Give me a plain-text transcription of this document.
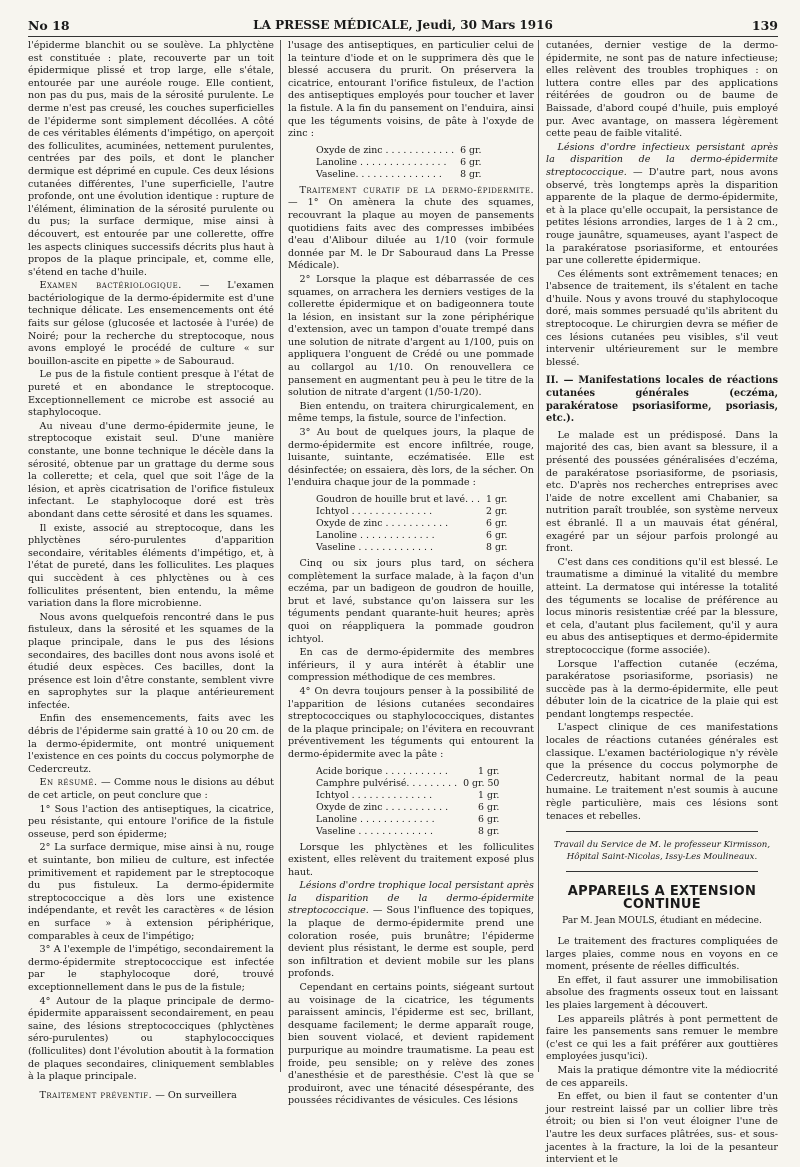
No 18	LA PRESSE MÉDICALE, Jeudi, 30 Mars 1916	139

l'épiderme blanchit ou se soulève. La phlyctène est constituée : plate, recouverte par un toit épidermique plissé et trop large, elle s'étale, entourée par une auréole rouge. Elle contient, non pas du pus, mais de la sérosité purulente. Le derme n'est pas creusé, les couches superficielles de l'épiderme sont simplement décollées. A côté de ces véritables éléments d'impétigo, on aperçoit des folliculites, acuminées, nettement purulentes, centrées par des poils, et dont le plancher dermique est déprimé en cupule. Ces deux lésions cutanées différentes, l'une superficielle, l'autre profonde, ont une évolution identique : rupture de l'élément, élimination de la sérosité purulente ou du pus; la surface dermique, mise ainsi à découvert, est entourée par une collerette, offre les aspects cliniques successifs décrits plus haut à propos de la plaque principale, et, comme elle, s'étend en tache d'huile.

Examen bactériologique. — L'examen bactériologique de la dermo-épidermite est d'une technique délicate. Les ensemencements ont été faits sur gélose (glucosée et lactosée à l'urée) de Noiré; pour la recherche du streptocoque, nous avons employé le procédé de culture « sur bouillon-ascite en pipette » de Sabouraud.

Le pus de la fistule contient presque à l'état de pureté et en abondance le streptocoque. Exceptionnellement ce microbe est associé au staphylocoque.

Au niveau d'une dermo-épidermite jeune, le streptocoque existait seul. D'une manière constante, une bonne technique le décèle dans la sérosité, obtenue par un grattage du derme sous la collerette; et cela, quel que soit l'âge de la lésion, et après cicatrisation de l'orifice fistuleux infectant. Le staphylocoque doré est très abondant dans cette sérosité et dans les squames.

Il existe, associé au streptocoque, dans les phlyctènes séro-purulentes d'apparition secondaire, véritables éléments d'impétigo, et, à l'état de pureté, dans les folliculites. Les plaques qui succèdent à ces phlyctènes ou à ces folliculites présentent, bien entendu, la même variation dans la flore microbienne.

Nous avons quelquefois rencontré dans le pus fistuleux, dans la sérosité et les squames de la plaque principale, dans le pus des lésions secondaires, des bacilles dont nous avons isolé et étudié deux espèces. Ces bacilles, dont la présence est loin d'être constante, semblent vivre en saprophytes sur la plaque antérieurement infectée.

Enfin des ensemencements, faits avec les débris de l'épiderme sain gratté à 10 ou 20 cm. de la dermo-épidermite, ont montré uniquement l'existence en ces points du coccus polymorphe de Cedercreutz.

En résumé. — Comme nous le disions au début de cet article, on peut conclure que :

1° Sous l'action des antiseptiques, la cicatrice, peu résistante, qui entoure l'orifice de la fistule osseuse, perd son épiderme;

2° La surface dermique, mise ainsi à nu, rouge et suintante, bon milieu de culture, est infectée primitivement et rapidement par le streptocoque du pus fistuleux. La dermo-épidermite streptococcique a dès lors une existence indépendante, et revêt les caractères « de lésion en surface » à extension périphérique, comparables à ceux de l'impétigo;

3° A l'exemple de l'impétigo, secondairement la dermo-épidermite streptococcique est infectée par le staphylocoque doré, trouvé exceptionnellement dans le pus de la fistule;

4° Autour de la plaque principale de dermo-épidermite apparaissent secondairement, en peau saine, des lésions streptococciques (phlyctènes séro-purulentes) ou staphylococciques (folliculites) dont l'évolution aboutit à la formation de plaques secondaires, cliniquement semblables à la plaque principale.

Traitement préventif. — On surveillera

l'usage des antiseptiques, en particulier celui de la teinture d'iode et on le supprimera dès que le blessé accusera du prurit. On préservera la cicatrice, entourant l'orifice fistuleux, de l'action des antiseptiques employés pour toucher et laver la fistule. A la fin du pansement on l'enduira, ainsi que les téguments voisins, de pâte à l'oxyde de zinc :

Oxyde de zinc . . . . . . . . . . . .	6 gr.
Lanoline . . . . . . . . . . . . . . .	6 gr.
Vaseline. . . . . . . . . . . . . . .	8 gr.

Traitement curatif de la dermo-épidermite. — 1° On amènera la chute des squames, recouvrant la plaque au moyen de pansements quotidiens faits avec des compresses imbibées d'eau d'Alibour diluée au 1/10 (voir formule donnée par M. le Dr Sabouraud dans La Presse Médicale).

2° Lorsque la plaque est débarrassée de ces squames, on arrachera les derniers vestiges de la collerette épidermique et on badigeonnera toute la lésion, en insistant sur la zone périphérique d'extension, avec un tampon d'ouate trempé dans une solution de nitrate d'argent au 1/100, puis on appliquera l'onguent de Crédé ou une pommade au collargol au 1/10. On renouvellera ce pansement en augmentant peu à peu le titre de la solution de nitrate d'argent (1/50-1/20).

Bien entendu, on traitera chirurgicalement, en même temps, la fistule, source de l'infection.

3° Au bout de quelques jours, la plaque de dermo-épidermite est encore infiltrée, rouge, luisante, suintante, eczématisée. Elle est désinfectée; on essaiera, dès lors, de la sécher. On l'enduira chaque jour de la pommade :

Goudron de houille brut et lavé. . .	1 gr.
Ichtyol . . . . . . . . . . . . . .	2 gr.
Oxyde de zinc . . . . . . . . . . .	6 gr.
Lanoline . . . . . . . . . . . . .	6 gr.
Vaseline . . . . . . . . . . . . .	8 gr.

Cinq ou six jours plus tard, on séchera complètement la surface malade, à la façon d'un eczéma, par un badigeon de goudron de houille, brut et lavé, substance qu'on laissera sur les téguments pendant quarante-huit heures; après quoi on réappliquera la pommade goudron ichtyol.

En cas de dermo-épidermite des membres inférieurs, il y aura intérêt à établir une compression méthodique de ces membres.

4° On devra toujours penser à la possibilité de l'apparition de lésions cutanées secondaires streptococciques ou staphylococciques, distantes de la plaque principale; on l'évitera en recouvrant préventivement les téguments qui entourent la dermo-épidermite avec la pâte :

Acide borique . . . . . . . . . . .	1 gr.
Camphre pulvérisé. . . . . . . . .	0 gr. 50
Ichtyol . . . . . . . . . . . . . .	1 gr.
Oxyde de zinc . . . . . . . . . . .	6 gr.
Lanoline . . . . . . . . . . . . .	6 gr.
Vaseline . . . . . . . . . . . . .	8 gr.

Lorsque les phlyctènes et les folliculites existent, elles relèvent du traitement exposé plus haut.

Lésions d'ordre trophique local persistant après la disparition de la dermo-épidermite streptococcique. — Sous l'influence des topiques, la plaque de dermo-épidermite prend une coloration rosée, puis brunâtre; l'épiderme devient plus résistant, le derme est souple, perd son infiltration et devient mobile sur les plans profonds.

Cependant en certains points, siégeant surtout au voisinage de la cicatrice, les téguments paraissent amincis, l'épiderme est sec, brillant, desquame facilement; le derme apparaît rouge, bien souvent violacé, et devient rapidement purpurique au moindre traumatisme. La peau est froide, peu sensible; on y relève des zones d'anesthésie et de paresthésie. C'est là que se produiront, avec une ténacité désespérante, des poussées récidivantes de vésicules. Ces lésions

cutanées, dernier vestige de la dermo-épidermite, ne sont pas de nature infectieuse; elles relèvent des troubles trophiques : on luttera contre elles par des applications réitérées de goudron ou de baume de Baissade, d'abord coupé d'huile, puis employé pur. Avec avantage, on massera légèrement cette peau de faible vitalité.

Lésions d'ordre infectieux persistant après la disparition de la dermo-épidermite streptococcique. — D'autre part, nous avons observé, très longtemps après la disparition apparente de la plaque de dermo-épidermite, et à la place qu'elle occupait, la persistance de petites lésions arrondies, larges de 1 à 2 cm., rouge jaunâtre, squameuses, ayant l'aspect de la parakératose psoriasiforme, et entourées par une collerette épidermique.

Ces éléments sont extrêmement tenaces; en l'absence de traitement, ils s'étalent en tache d'huile. Nous y avons trouvé du staphylocoque doré, mais sommes persuadé qu'ils abritent du streptocoque. Le chirurgien devra se méfier de ces lésions cutanées peu visibles, s'il veut intervenir ultérieurement sur le membre blessé.

II. — Manifestations locales de réactions cutanées générales (eczéma, parakératose psoriasiforme, psoriasis, etc.).

Le malade est un prédisposé. Dans la majorité des cas, bien avant sa blessure, il a présenté des poussées généralisées d'eczéma, de parakératose psoriasiforme, de psoriasis, etc. D'après nos recherches entreprises avec l'aide de notre excellent ami Chabanier, sa nutrition paraît troublée, son système nerveux est ébranlé. Il a un mauvais état général, exagéré par un séjour parfois prolongé au front.

C'est dans ces conditions qu'il est blessé. Le traumatisme a diminué la vitalité du membre atteint. La dermatose qui intéresse la totalité des téguments se localise de préférence au locus minoris resistentiæ créé par la blessure, et cela, d'autant plus facilement, qu'il y aura eu abus des antiseptiques et dermo-épidermite streptococcique (forme associée).

Lorsque l'affection cutanée (eczéma, parakératose psoriasiforme, psoriasis) ne succède pas à la dermo-épidermite, elle peut débuter loin de la cicatrice de la plaie qui est pendant longtemps respectée.

L'aspect clinique de ces manifestations locales de réactions cutanées générales est classique. L'examen bactériologique n'y révèle que la présence du coccus polymorphe de Cedercreutz, habitant normal de la peau humaine. Le traitement n'est soumis à aucune règle particulière, mais ces lésions sont tenaces et rebelles.

Travail du Service de M. le professeur Kirmisson,

Hôpital Saint-Nicolas, Issy-Les Moulineaux.

APPAREILS A EXTENSION CONTINUE

Par M. Jean MOULS, étudiant en médecine.

Le traitement des fractures compliquées de larges plaies, comme nous en voyons en ce moment, présente de réelles difficultés.

En effet, il faut assurer une immobilisation absolue des fragments osseux tout en laissant les plaies largement à découvert.

Les appareils plâtrés à pont permettent de faire les pansements sans remuer le membre (c'est ce qui les a fait préférer aux gouttières employées jusqu'ici).

Mais la pratique démontre vite la médiocrité de ces appareils.

En effet, ou bien il faut se contenter d'un jour restreint laissé par un collier libre très étroit; ou bien si l'on veut éloigner l'une de l'autre les deux surfaces plâtrées, sus- et sous-jacentes à la fracture, la loi de la pesanteur intervient et le
